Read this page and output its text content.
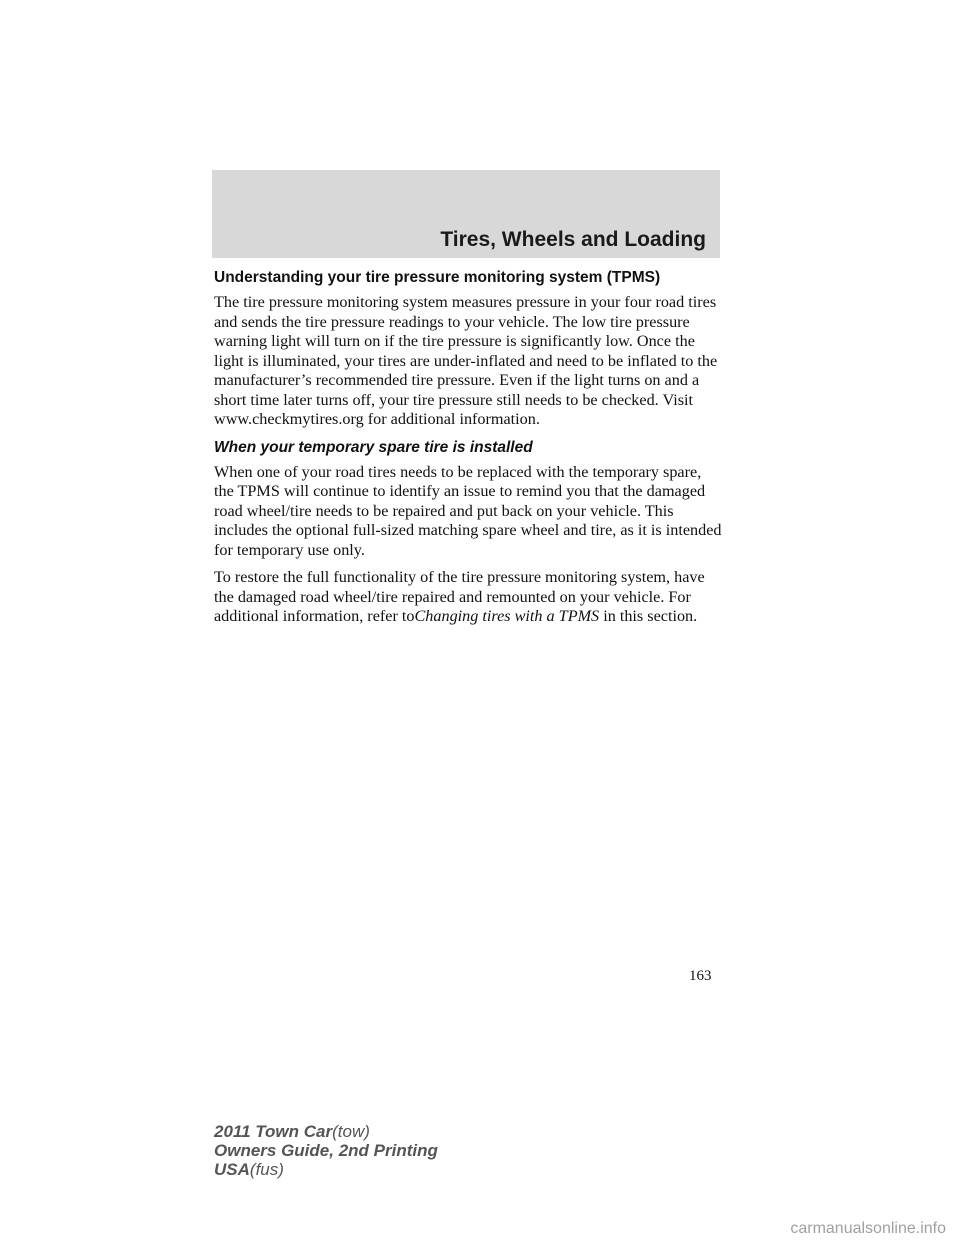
Tires, Wheels and Loading
Understanding your tire pressure monitoring system (TPMS)

The tire pressure monitoring system measures pressure in your four road tires and sends the tire pressure readings to your vehicle. The low tire pressure warning light will turn on if the tire pressure is significantly low. Once the light is illuminated, your tires are under-inflated and need to be inflated to the manufacturer’s recommended tire pressure. Even if the light turns on and a short time later turns off, your tire pressure still needs to be checked. Visit www.checkmytires.org for additional information.

When your temporary spare tire is installed

When one of your road tires needs to be replaced with the temporary spare, the TPMS will continue to identify an issue to remind you that the damaged road wheel/tire needs to be repaired and put back on your vehicle. This includes the optional full-sized matching spare wheel and tire, as it is intended for temporary use only.

To restore the full functionality of the tire pressure monitoring system, have the damaged road wheel/tire repaired and remounted on your vehicle. For additional information, refer toChanging tires with a TPMS in this section.

163

2011 Town Car(tow)
Owners Guide, 2nd Printing
USA(fus)
carmanualsonline.info
